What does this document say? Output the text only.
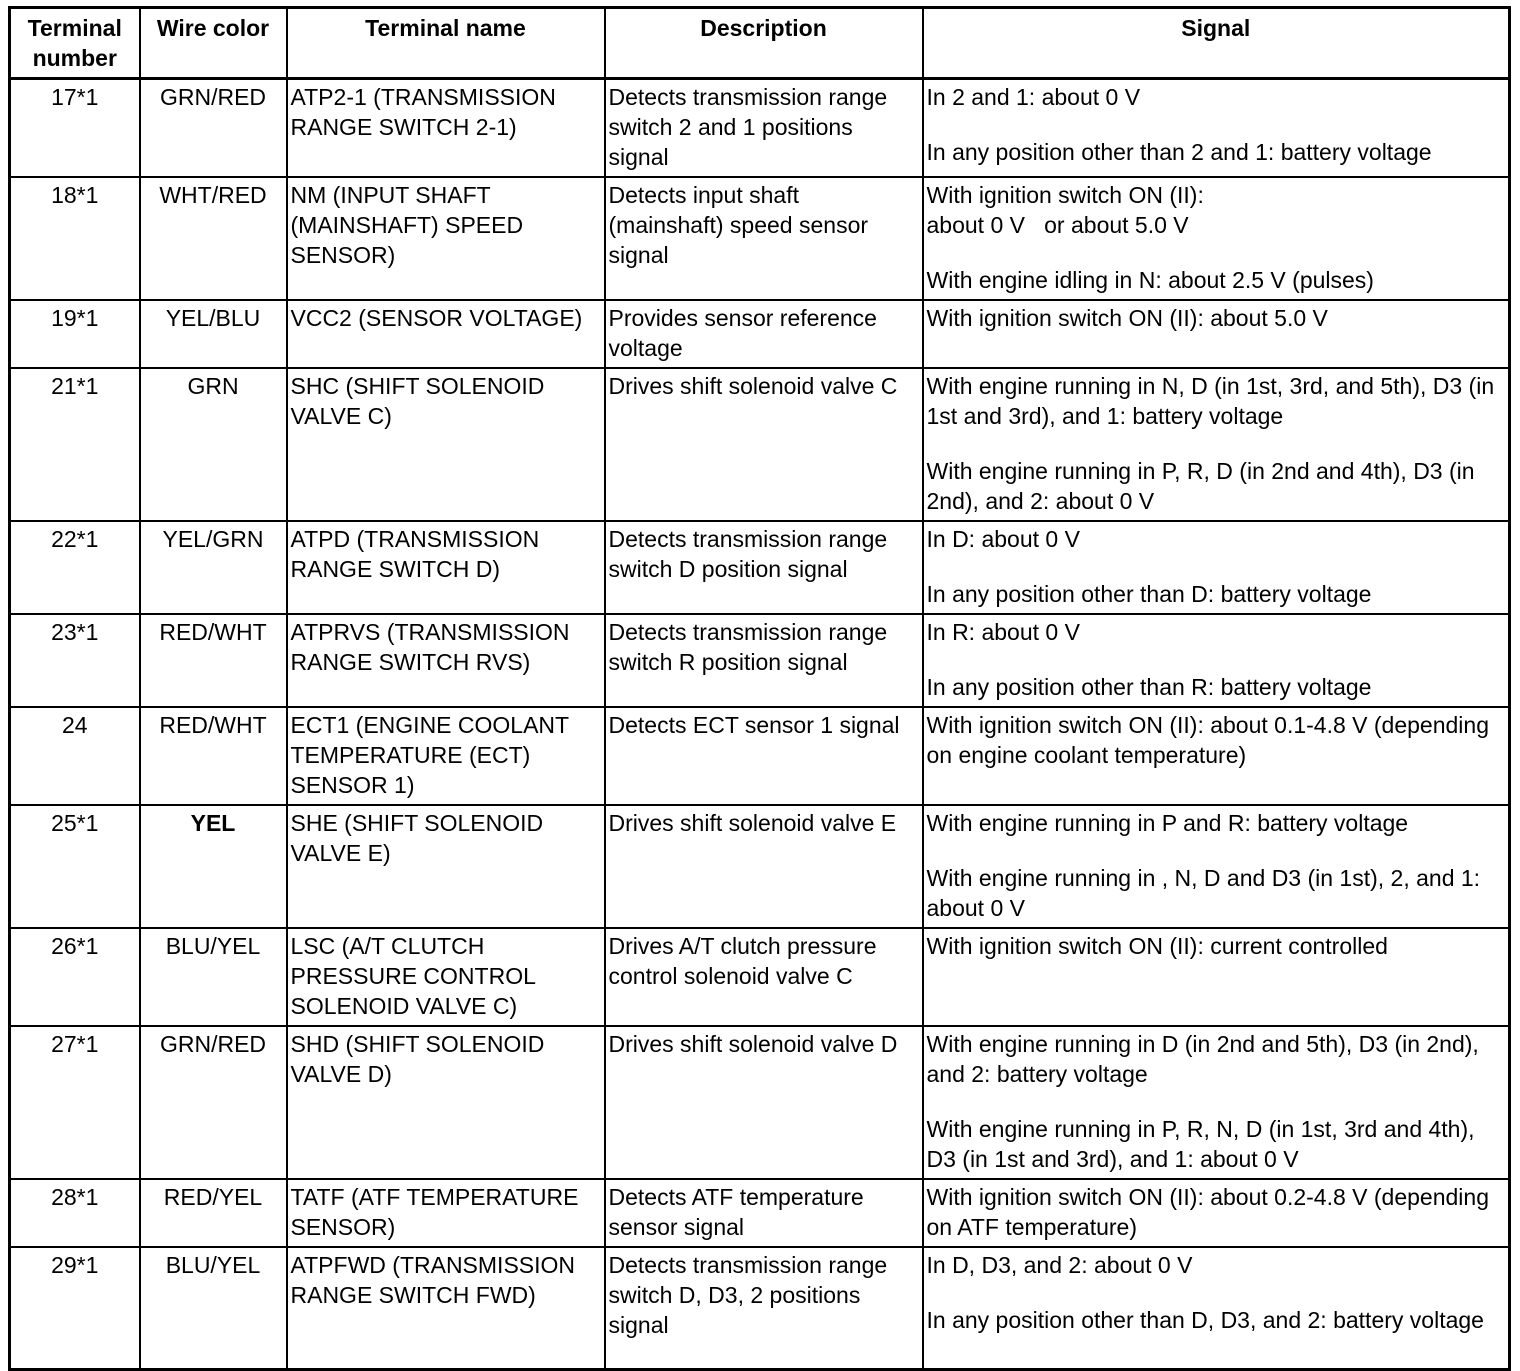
Terminal
number	Wire color	Terminal name	Description	Signal
17*1	GRN/RED	ATP2-1 (TRANSMISSION RANGE SWITCH 2-1)	Detects transmission range switch 2 and 1 positions signal	In 2 and 1: about 0 V

In any position other than 2 and 1: battery voltage

18*1	WHT/RED	NM (INPUT SHAFT (MAINSHAFT) SPEED SENSOR)	Detects input shaft (mainshaft) speed sensor signal	With ignition switch ON (II):
about 0 V   or about 5.0 V

With engine idling in N: about 2.5 V (pulses)

19*1	YEL/BLU	VCC2 (SENSOR VOLTAGE)	Provides sensor reference voltage	With ignition switch ON (II): about 5.0 V

21*1	GRN	SHC (SHIFT SOLENOID VALVE C)	Drives shift solenoid valve C	With engine running in N, D (in 1st, 3rd, and 5th), D3 (in 1st and 3rd), and 1: battery voltage

With engine running in P, R, D (in 2nd and 4th), D3 (in 2nd), and 2: about 0 V

22*1	YEL/GRN	ATPD (TRANSMISSION RANGE SWITCH D)	Detects transmission range switch D position signal	In D: about 0 V

In any position other than D: battery voltage

23*1	RED/WHT	ATPRVS (TRANSMISSION RANGE SWITCH RVS)	Detects transmission range switch R position signal	In R: about 0 V

In any position other than R: battery voltage

24	RED/WHT	ECT1 (ENGINE COOLANT TEMPERATURE (ECT) SENSOR 1)	Detects ECT sensor 1 signal	With ignition switch ON (II): about 0.1-4.8 V (depending on engine coolant temperature)

25*1	YEL	SHE (SHIFT SOLENOID VALVE E)	Drives shift solenoid valve E	With engine running in P and R: battery voltage

With engine running in , N, D and D3 (in 1st), 2, and 1: about 0 V

26*1	BLU/YEL	LSC (A/T CLUTCH PRESSURE CONTROL SOLENOID VALVE C)	Drives A/T clutch pressure control solenoid valve C	With ignition switch ON (II): current controlled

27*1	GRN/RED	SHD (SHIFT SOLENOID VALVE D)	Drives shift solenoid valve D	With engine running in D (in 2nd and 5th), D3 (in 2nd), and 2: battery voltage

With engine running in P, R, N, D (in 1st, 3rd and 4th), D3 (in 1st and 3rd), and 1: about 0 V

28*1	RED/YEL	TATF (ATF TEMPERATURE SENSOR)	Detects ATF temperature sensor signal	With ignition switch ON (II): about 0.2-4.8 V (depending on ATF temperature)

29*1	BLU/YEL	ATPFWD (TRANSMISSION RANGE SWITCH FWD)	Detects transmission range switch D, D3, 2 positions signal	In D, D3, and 2: about 0 V

In any position other than D, D3, and 2: battery voltage
